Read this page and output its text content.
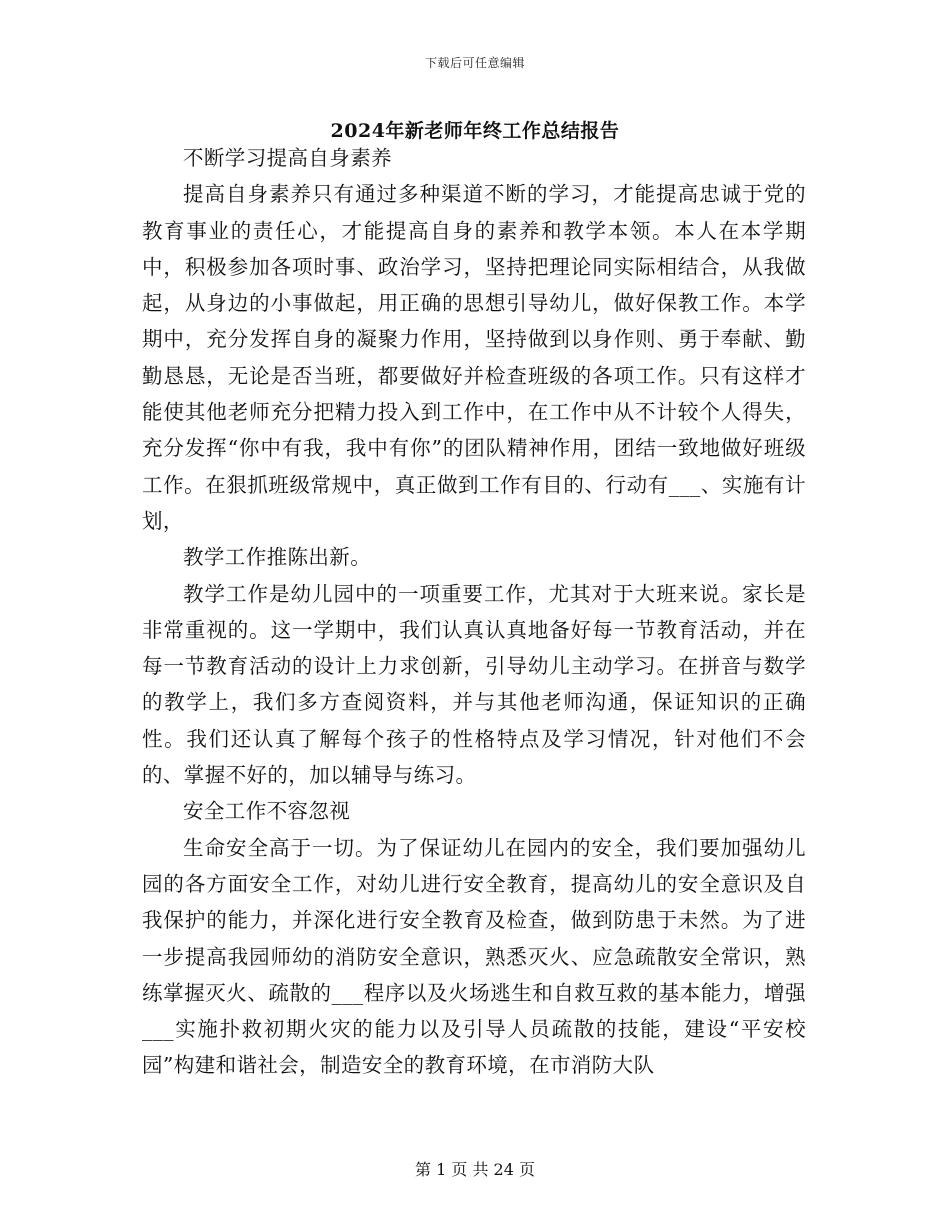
下载后可任意编辑
2024年新老师年终工作总结报告

不断学习提高自身素养

提高自身素养只有通过多种渠道不断的学习，才能提高忠诚于党的教育事业的责任心，才能提高自身的素养和教学本领。本人在本学期中，积极参加各项时事、政治学习，坚持把理论同实际相结合，从我做起，从身边的小事做起，用正确的思想引导幼儿，做好保教工作。本学期中，充分发挥自身的凝聚力作用，坚持做到以身作则、勇于奉献、勤勤恳恳，无论是否当班，都要做好并检查班级的各项工作。只有这样才能使其他老师充分把精力投入到工作中，在工作中从不计较个人得失，充分发挥“你中有我，我中有你”的团队精神作用，团结一致地做好班级工作。在狠抓班级常规中，真正做到工作有目的、行动有___、实施有计划，

教学工作推陈出新。

教学工作是幼儿园中的一项重要工作，尤其对于大班来说。家长是非常重视的。这一学期中，我们认真认真地备好每一节教育活动，并在每一节教育活动的设计上力求创新，引导幼儿主动学习。在拼音与数学的教学上，我们多方查阅资料，并与其他老师沟通，保证知识的正确性。我们还认真了解每个孩子的性格特点及学习情况，针对他们不会的、掌握不好的，加以辅导与练习。

安全工作不容忽视

生命安全高于一切。为了保证幼儿在园内的安全，我们要加强幼儿园的各方面安全工作，对幼儿进行安全教育，提高幼儿的安全意识及自我保护的能力，并深化进行安全教育及检查，做到防患于未然。为了进一步提高我园师幼的消防安全意识，熟悉灭火、应急疏散安全常识，熟练掌握灭火、疏散的___程序以及火场逃生和自救互救的基本能力，增强___实施扑救初期火灾的能力以及引导人员疏散的技能，建设“平安校园”构建和谐社会，制造安全的教育环境，在市消防大队

第 1 页 共 24 页
